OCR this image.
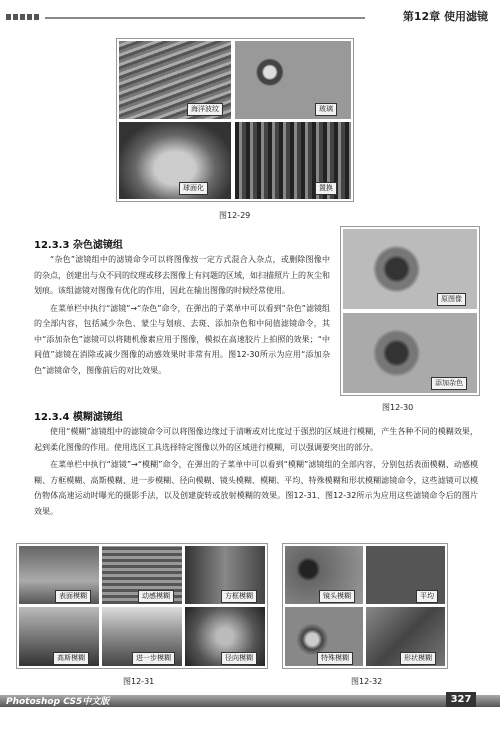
第12章 使用滤镜
海洋波纹	玻璃
球面化	置换
图12-29
12.3.3 杂色滤镜组

“杂色”滤镜组中的滤镜命令可以将图像按一定方式混合入杂点，或删除图像中的杂点，创建出与众不同的纹理或移去图像上有问题的区域，如扫描照片上的灰尘和划痕。该组滤镜对图像有优化的作用，因此在输出图像的时候经常使用。

在菜单栏中执行“滤镜”→“杂色”命令，在弹出的子菜单中可以看到“杂色”滤镜组的全部内容，包括减少杂色、蒙尘与划痕、去斑、添加杂色和中间值滤镜命令，其中“添加杂色”滤镜可以将随机像素应用于图像，模拟在高速胶片上拍照的效果；“中间值”滤镜在消除或减少图像的动感效果时非常有用。图12-30所示为应用“添加杂色”滤镜命令，图像前后的对比效果。

原图像
添加杂色
图12-30
12.3.4 模糊滤镜组

使用“模糊”滤镜组中的滤镜命令可以将图像边缘过于清晰或对比度过于强烈的区域进行模糊，产生各种不同的模糊效果，起到柔化图像的作用。使用选区工具选择特定图像以外的区域进行模糊，可以强调要突出的部分。

在菜单栏中执行“滤镜”→“模糊”命令，在弹出的子菜单中可以看到“模糊”滤镜组的全部内容，分别包括表面模糊、动感模糊、方框模糊、高斯模糊、进一步模糊、径向模糊、镜头模糊、模糊、平均、特殊模糊和形状模糊滤镜命令，这些滤镜可以模仿物体高速运动时曝光的摄影手法，以及创建旋转或放射模糊的效果。图12-31、图12-32所示为应用这些滤镜命令后的图片效果。

表面模糊	动感模糊	方框模糊
高斯模糊	进一步模糊	径向模糊
图12-31
镜头模糊	平均
特殊模糊	形状模糊
图12-32
Photoshop CS5中文版	327
